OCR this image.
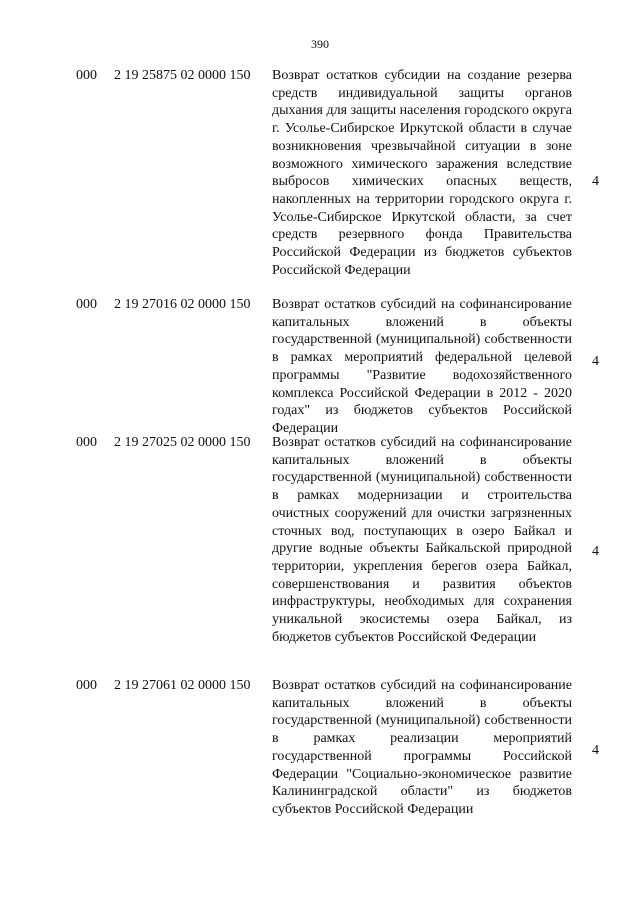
390
000 2 19 25875 02 0000 150 Возврат остатков субсидии на создание резерва средств индивидуальной защиты органов дыхания для защиты населения городского округа г. Усолье-Сибирское Иркутской области в случае возникновения чрезвычайной ситуации в зоне возможного химического заражения вследствие выбросов химических опасных веществ, накопленных на территории городского округа г. Усолье-Сибирское Иркутской области, за счет средств резервного фонда Правительства Российской Федерации из бюджетов субъектов Российской Федерации
4
000 2 19 27016 02 0000 150 Возврат остатков субсидий на софинансирование капитальных вложений в объекты государственной (муниципальной) собственности в рамках мероприятий федеральной целевой программы "Развитие водохозяйственного комплекса Российской Федерации в 2012 - 2020 годах" из бюджетов субъектов Российской Федерации
4
000 2 19 27025 02 0000 150 Возврат остатков субсидий на софинансирование капитальных вложений в объекты государственной (муниципальной) собственности в рамках модернизации и строительства очистных сооружений для очистки загрязненных сточных вод, поступающих в озеро Байкал и другие водные объекты Байкальской природной территории, укрепления берегов озера Байкал, совершенствования и развития объектов инфраструктуры, необходимых для сохранения уникальной экосистемы озера Байкал, из бюджетов субъектов Российской Федерации
4
000 2 19 27061 02 0000 150 Возврат остатков субсидий на софинансирование капитальных вложений в объекты государственной (муниципальной) собственности в рамках реализации мероприятий государственной программы Российской Федерации "Социально-экономическое развитие Калининградской области" из бюджетов субъектов Российской Федерации
4
